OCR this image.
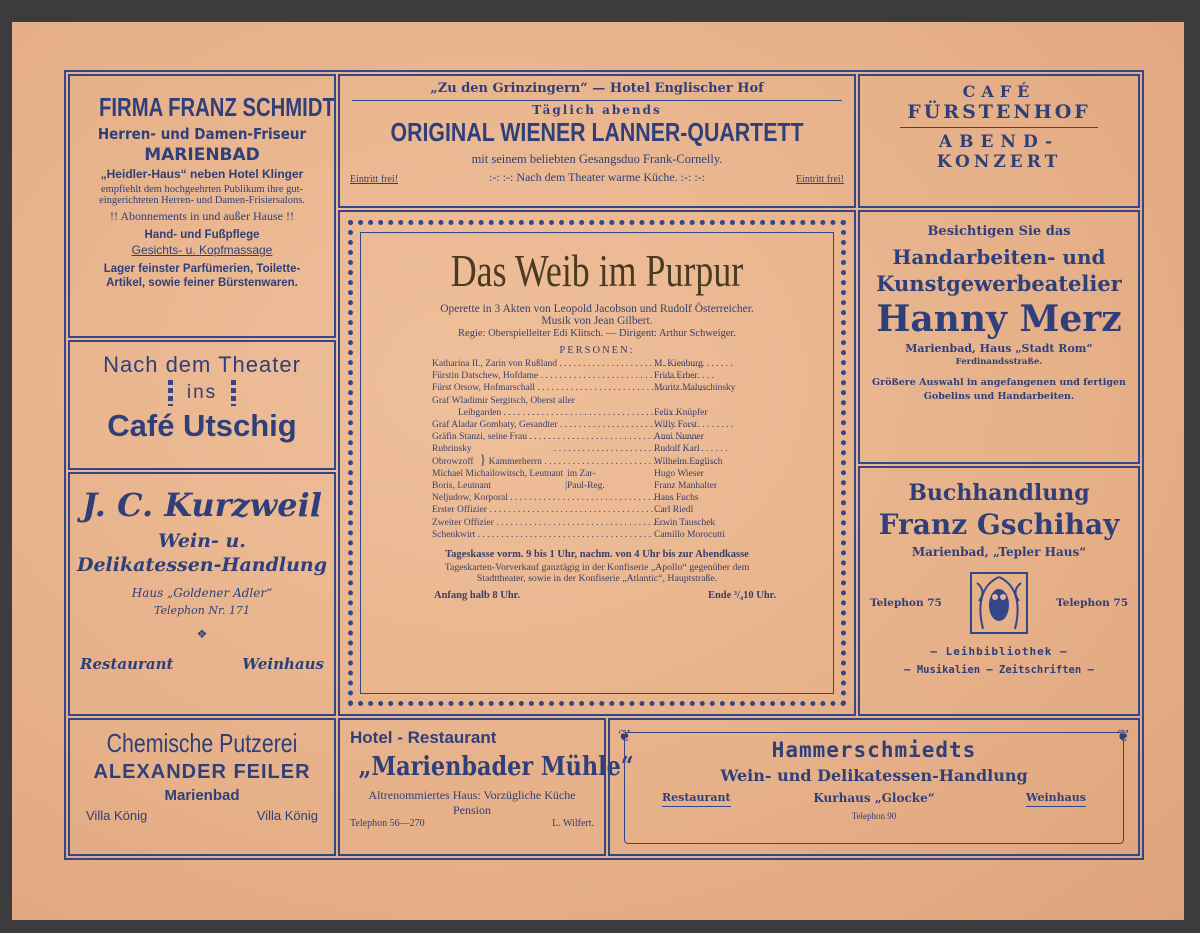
FIRMA FRANZ SCHMIDT
Herren- und Damen-Friseur
MARIENBAD
„Heidler-Haus“ neben Hotel Klinger
empfiehlt dem hochgeehrten Publikum ihre gut-
eingerichteten Herren- und Damen-Frisiersalons.
!! Abonnements in und außer Hause !!
Hand- und Fußpflege
Gesichts- u. Kopfmassage
Lager feinster Parfümerien, Toilette-
Artikel, sowie feiner Bürstenwaren.
„Zu den Grinzingern“ — Hotel Englischer Hof
Täglich abends
ORIGINAL WIENER LANNER-QUARTETT
mit seinem beliebten Gesangsduo Frank-Cornelly.
Eintritt frei!	:-: :-: Nach dem Theater warme Küche. :-: :-:	Eintritt frei!
CAFÉ
FÜRSTENHOF
ABEND-
KONZERT
Besichtigen Sie das
Handarbeiten- und
Kunstgewerbeatelier
Hanny Merz
Marienbad, Haus „Stadt Rom“
Ferdinandsstraße.
Größere Auswahl in angefangenen und fertigen
Gobelins und Handarbeiten.
Nach dem Theater
ins
Café Utschig
Das Weib im Purpur
Operette in 3 Akten von Leopold Jacobson und Rudolf Österreicher.
Musik von Jean Gilbert.
Regie: Oberspielleiter Edi Klitsch. — Dirigent: Arthur Schweiger.
PERSONEN:
Katharina II., Zarin von Rußland . . .	M. Kienburg
Fürstin Datschew, Hofdame . . .	Frida Erber
Fürst Orsow, Hofmarschall . . .	Moritz Maluschinsky
Graf Wladimir Sergitsch, Oberst aller
Leibgarden . . .	Felix Knüpfer
Graf Aladar Gombaty, Gesandter . . .	Willy Forst
Gräfin Stanzi, seine Frau . . .	Anni Nunner
Rubrinsky . . .	Rudolf Karl
Obrowzoff } Kammerherrn . . .	Wilhelm Englisch
Michael Michailowitsch, Leutnant im Zar-	Hugo Wieser
Boris, Leutnant	|Paul-Reg.	Franz Manhalter
Neljudow, Korporal . . .	Hans Fuchs
Erster Offizier . . .	Carl Riedl
Zweiter Offizier . . .	Erwin Tauschek
Schenkwirt . . .	Camillo Morocutti
Tageskasse vorm. 9 bis 1 Uhr, nachm. von 4 Uhr bis zur Abendkasse
Tageskarten-Vorverkauf ganztägig in der Konfiserie „Apollo“ gegenüber dem
Stadttheater, sowie in der Konfiserie „Atlantic“, Hauptstraße.
Anfang halb 8 Uhr.	Ende ³/₄10 Uhr.
J. C. Kurzweil
Wein- u.
Delikatessen-Handlung
Haus „Goldener Adler“
Telephon Nr. 171
❖
Restaurant	Weinhaus
Buchhandlung
Franz Gschihay
Marienbad, „Tepler Haus“
Telephon 75	Telephon 75
— Leihbibliothek —
— Musikalien — Zeitschriften —
Chemische Putzerei
ALEXANDER FEILER
Marienbad
Villa König	Villa König
Hotel - Restaurant
„Marienbader Mühle“
Altrenommiertes Haus: Vorzügliche Küche
Pension
Telephon 56—270	L. Wilfert.
❦	❦
Hammerschmiedts
Wein- und Delikatessen-Handlung
Kurhaus „Glocke“
Restaurant	Weinhaus
Telephon 90
